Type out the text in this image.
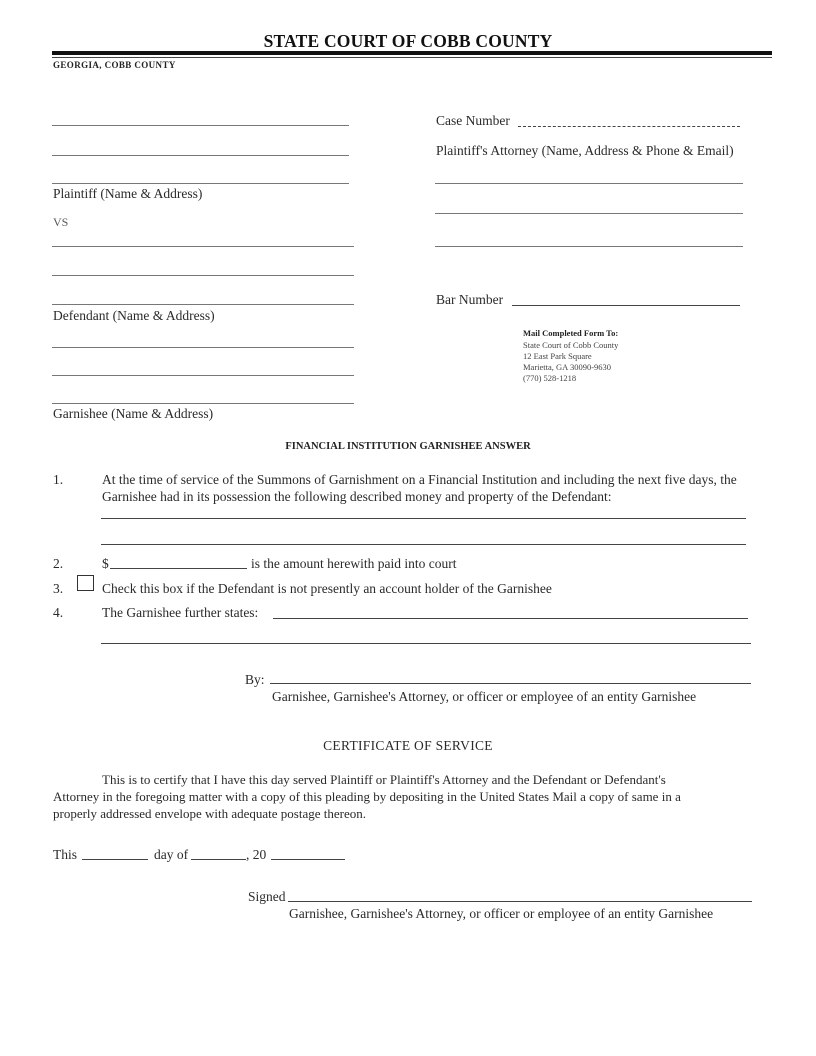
STATE COURT OF COBB COUNTY
GEORGIA, COBB COUNTY
Plaintiff (Name & Address)
VS
Defendant (Name & Address)
Garnishee (Name & Address)
Case Number
Plaintiff's Attorney (Name, Address & Phone & Email)
Bar Number
Mail Completed Form To:
State Court of Cobb County
12 East Park Square
Marietta, GA 30090-9630
(770) 528-1218
FINANCIAL INSTITUTION GARNISHEE ANSWER
1.	At the time of service of the Summons of Garnishment on a Financial Institution and including the next five days, the
Garnishee had in its possession the following described money and property of the Defendant:
2.	$	is the amount herewith paid into court
3.	Check this box if the Defendant is not presently an account holder of the Garnishee
4.	The Garnishee further states:
By:
Garnishee, Garnishee's Attorney, or officer or employee of an entity Garnishee
CERTIFICATE OF SERVICE
This is to certify that I have this day served Plaintiff or Plaintiff's Attorney and the Defendant or Defendant's
Attorney in the foregoing matter with a copy of this pleading by depositing in the United States Mail a copy of same in a
properly addressed envelope with adequate postage thereon.
This	day of	, 20
Signed
Garnishee, Garnishee's Attorney, or officer or employee of an entity Garnishee
